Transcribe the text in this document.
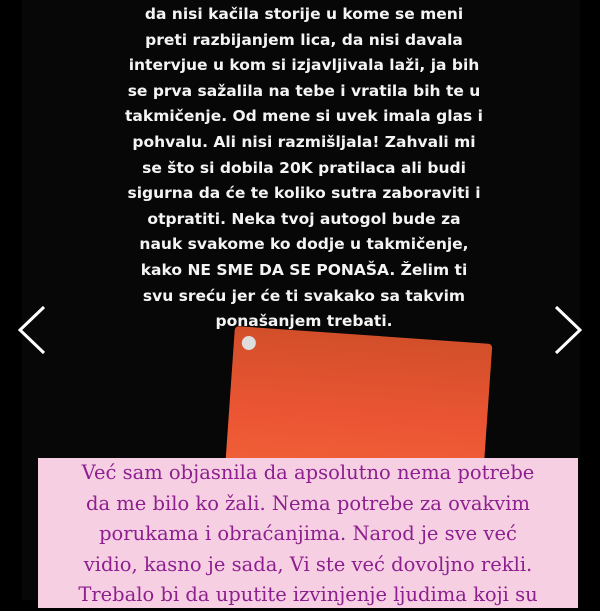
da nisi kačila storije u kome se meni
preti razbijanjem lica, da nisi davala
intervjue u kom si izjavljivala laži, ja bih
se prva sažalila na tebe i vratila bih te u
takmičenje. Od mene si uvek imala glas i
pohvalu. Ali nisi razmišljala! Zahvali mi
se što si dobila 20K pratilaca ali budi
sigurna da će te koliko sutra zaboraviti i
otpratiti. Neka tvoj autogol bude za
nauk svakome ko dodje u takmičenje,
kako NE SME DA SE PONAŠA. Želim ti
svu sreću jer će ti svakako sa takvim
ponašanjem trebati.
Već sam objasnila da apsolutno nema potrebe
da me bilo ko žali. Nema potrebe za ovakvim
porukama i obraćanjima. Narod je sve već
vidio, kasno je sada, Vi ste već dovoljno rekli.
Trebalo bi da uputite izvinjenje ljudima koji su
